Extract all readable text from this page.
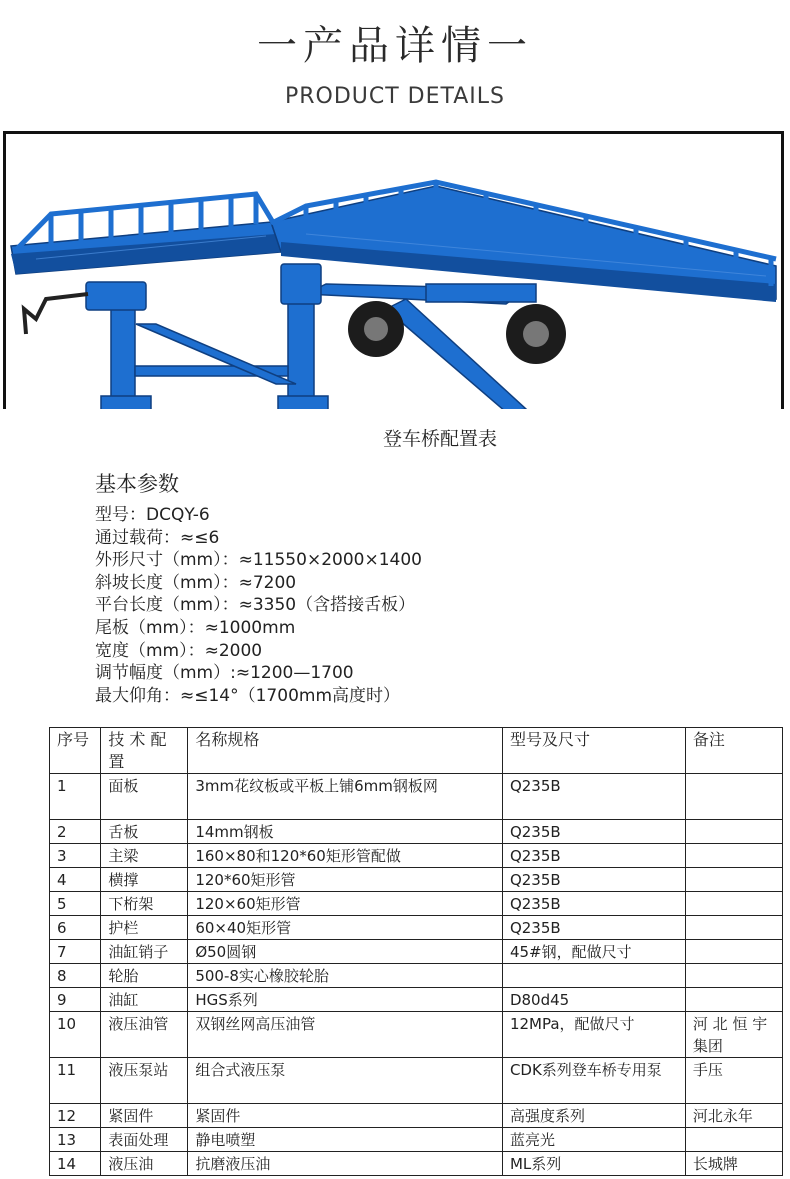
一产品详情一
PRODUCT DETAILS
登车桥配置表
基本参数
型号：DCQY-6
通过载荷：≈≤6
外形尺寸（mm）：≈11550×2000×1400
斜坡长度（mm）：≈7200
平台长度（mm）：≈3350（含搭接舌板）
尾板（mm）：≈1000mm
宽度（mm）：≈2000
调节幅度（mm）:≈1200—1700
最大仰角：≈≤14°（1700mm高度时）
序号	技 术 配 置	名称规格	型号及尺寸	备注
1	面板	3mm花纹板或平板上铺6mm钢板网	Q235B	
2	舌板	14mm钢板	Q235B	
3	主梁	160×80和120*60矩形管配做	Q235B	
4	横撑	120*60矩形管	Q235B	
5	下桁架	120×60矩形管	Q235B	
6	护栏	60×40矩形管	Q235B	
7	油缸销子	Ø50圆钢	45#钢，配做尺寸	
8	轮胎	500-8实心橡胶轮胎		
9	油缸	HGS系列	D80d45	
10	液压油管	双钢丝网高压油管	12MPa，配做尺寸	河 北 恒 宇 集团
11	液压泵站	组合式液压泵	CDK系列登车桥专用泵	手压
12	紧固件	紧固件	高强度系列	河北永年
13	表面处理	静电喷塑	蓝亮光	
14	液压油	抗磨液压油	ML系列	长城牌
